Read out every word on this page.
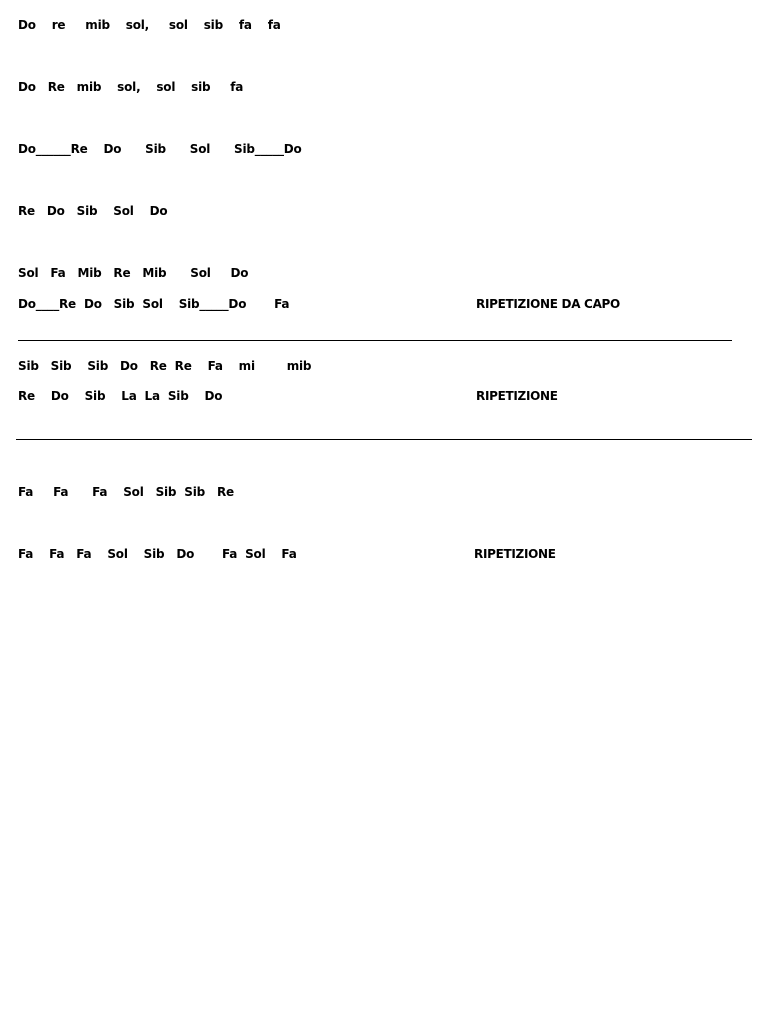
Do    re     mib    sol,     sol    sib    fa    fa
Do   Re   mib    sol,    sol    sib     fa
Do______Re    Do      Sib      Sol      Sib_____Do
Re   Do   Sib    Sol    Do
Sol   Fa   Mib   Re   Mib      Sol     Do
Do____Re  Do   Sib  Sol    Sib_____Do       Fa	RIPETIZIONE DA CAPO
Sib   Sib    Sib   Do   Re  Re    Fa    mi        mib
Re    Do    Sib    La  La  Sib    Do	RIPETIZIONE
Fa     Fa      Fa    Sol   Sib  Sib   Re
Fa    Fa   Fa    Sol    Sib   Do       Fa  Sol    Fa	RIPETIZIONE
